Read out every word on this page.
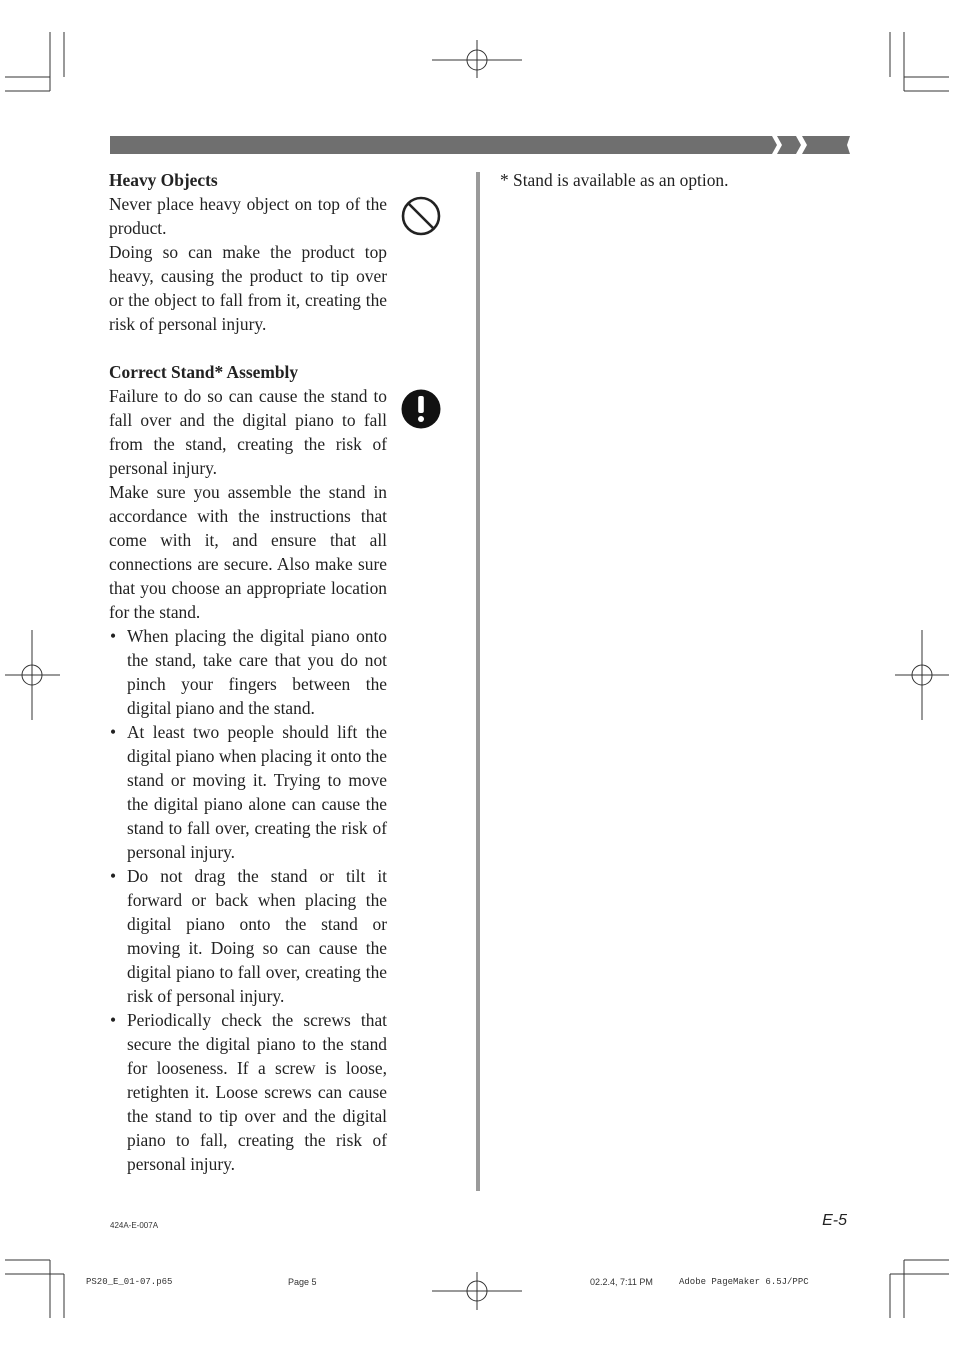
Heavy Objects

Never place heavy object on top of the product.

Doing so can make the product top heavy, causing the product to tip over or the object to fall from it, creating the risk of personal injury.

Correct Stand* Assembly

Failure to do so can cause the stand to fall over and the digital piano to fall from the stand, creating the risk of personal injury.

Make sure you assemble the stand in accordance with the instructions that come with it, and ensure that all connections are secure. Also make sure that you choose an appropriate location for the stand.

• When placing the digital piano onto the stand, take care that you do not pinch your fingers between the digital piano and the stand.
• At least two people should lift the digital piano when placing it onto the stand or moving it. Trying to move the digital piano alone can cause the stand to fall over, creating the risk of personal injury.
• Do not drag the stand or tilt it forward or back when placing the digital piano onto the stand or moving it. Doing so can cause the digital piano to fall over, creating the risk of personal injury.
• Periodically check the screws that secure the digital piano to the stand for looseness. If a screw is loose, retighten it. Loose screws can cause the stand to tip over and the digital piano to fall, creating the risk of personal injury.
* Stand is available as an option.
E-5
424A-E-007A
PS20_E_01-07.p65	Page 5	02.2.4, 7:11 PM	Adobe PageMaker 6.5J/PPC
